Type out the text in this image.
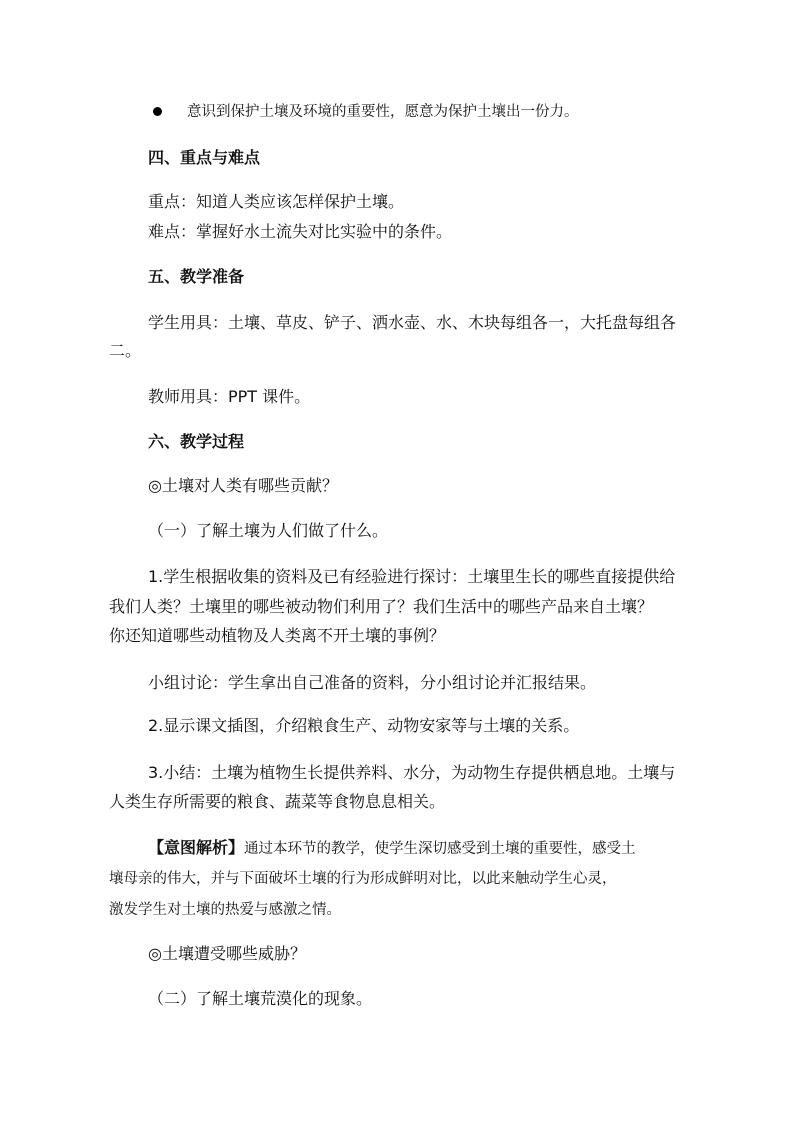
意识到保护土壤及环境的重要性，愿意为保护土壤出一份力。
四、重点与难点
重点：知道人类应该怎样保护土壤。
难点：掌握好水土流失对比实验中的条件。
五、教学准备
学生用具：土壤、草皮、铲子、洒水壶、水、木块每组各一，大托盘每组各
二。
教师用具：PPT 课件。
六、教学过程
◎土壤对人类有哪些贡献？
（一）了解土壤为人们做了什么。
1.学生根据收集的资料及已有经验进行探讨：土壤里生长的哪些直接提供给
我们人类？土壤里的哪些被动物们利用了？我们生活中的哪些产品来自土壤？
你还知道哪些动植物及人类离不开土壤的事例？
小组讨论：学生拿出自己准备的资料，分小组讨论并汇报结果。
2.显示课文插图，介绍粮食生产、动物安家等与土壤的关系。
3.小结：土壤为植物生长提供养料、水分，为动物生存提供栖息地。土壤与
人类生存所需要的粮食、蔬菜等食物息息相关。
【意图解析】通过本环节的教学，使学生深切感受到土壤的重要性，感受土
壤母亲的伟大，并与下面破坏土壤的行为形成鲜明对比，以此来触动学生心灵，
激发学生对土壤的热爱与感激之情。
◎土壤遭受哪些威胁？
（二）了解土壤荒漠化的现象。
